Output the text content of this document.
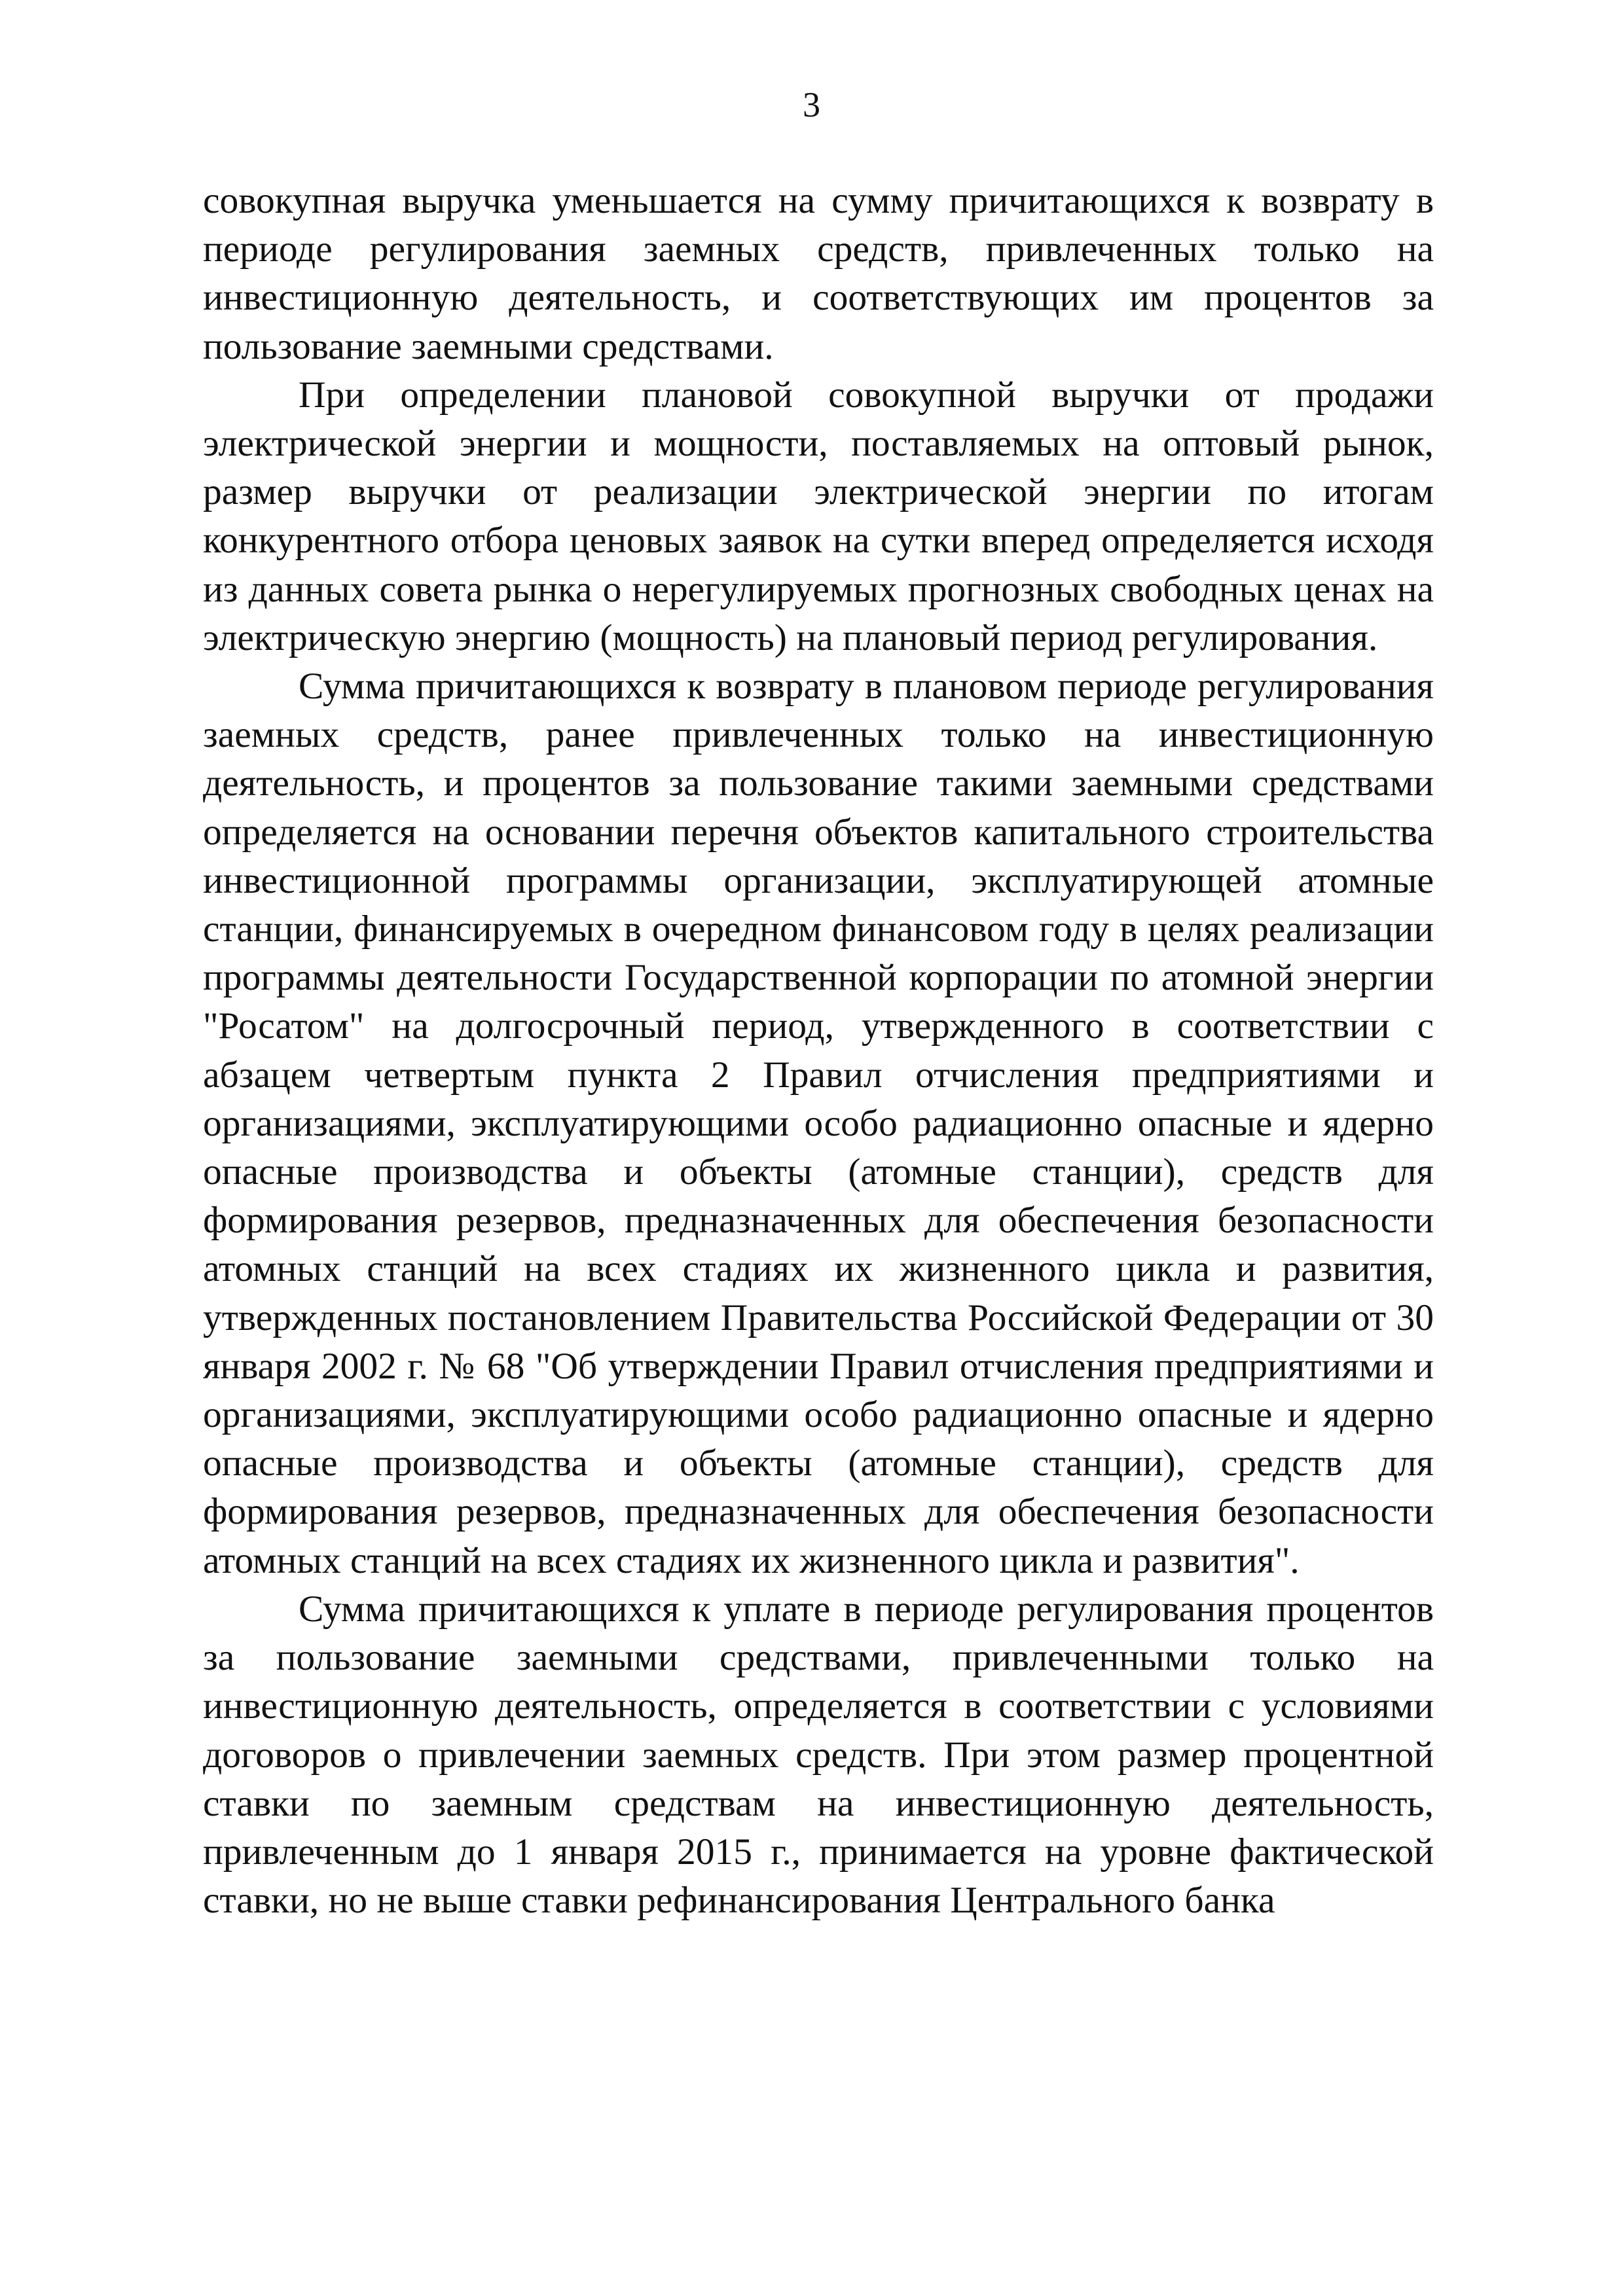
3

совокупная выручка уменьшается на сумму причитающихся к возврату в периоде регулирования заемных средств, привлеченных только на инвестиционную деятельность, и соответствующих им процентов за пользование заемными средствами.

При определении плановой совокупной выручки от продажи электрической энергии и мощности, поставляемых на оптовый рынок, размер выручки от реализации электрической энергии по итогам конкурентного отбора ценовых заявок на сутки вперед определяется исходя из данных совета рынка о нерегулируемых прогнозных свободных ценах на электрическую энергию (мощность) на плановый период регулирования.

Сумма причитающихся к возврату в плановом периоде регулирования заемных средств, ранее привлеченных только на инвестиционную деятельность, и процентов за пользование такими заемными средствами определяется на основании перечня объектов капитального строительства инвестиционной программы организации, эксплуатирующей атомные станции, финансируемых в очередном финансовом году в целях реализации программы деятельности Государственной корпорации по атомной энергии "Росатом" на долгосрочный период, утвержденного в соответствии с абзацем четвертым пункта 2 Правил отчисления предприятиями и организациями, эксплуатирующими особо радиационно опасные и ядерно опасные производства и объекты (атомные станции), средств для формирования резервов, предназначенных для обеспечения безопасности атомных станций на всех стадиях их жизненного цикла и развития, утвержденных постановлением Правительства Российской Федерации от 30 января 2002 г. № 68 "Об утверждении Правил отчисления предприятиями и организациями, эксплуатирующими особо радиационно опасные и ядерно опасные производства и объекты (атомные станции), средств для формирования резервов, предназначенных для обеспечения безопасности атомных станций на всех стадиях их жизненного цикла и развития".

Сумма причитающихся к уплате в периоде регулирования процентов за пользование заемными средствами, привлеченными только на инвестиционную деятельность, определяется в соответствии с условиями договоров о привлечении заемных средств. При этом размер процентной ставки по заемным средствам на инвестиционную деятельность, привлеченным до 1 января 2015 г., принимается на уровне фактической ставки, но не выше ставки рефинансирования Центрального банка
